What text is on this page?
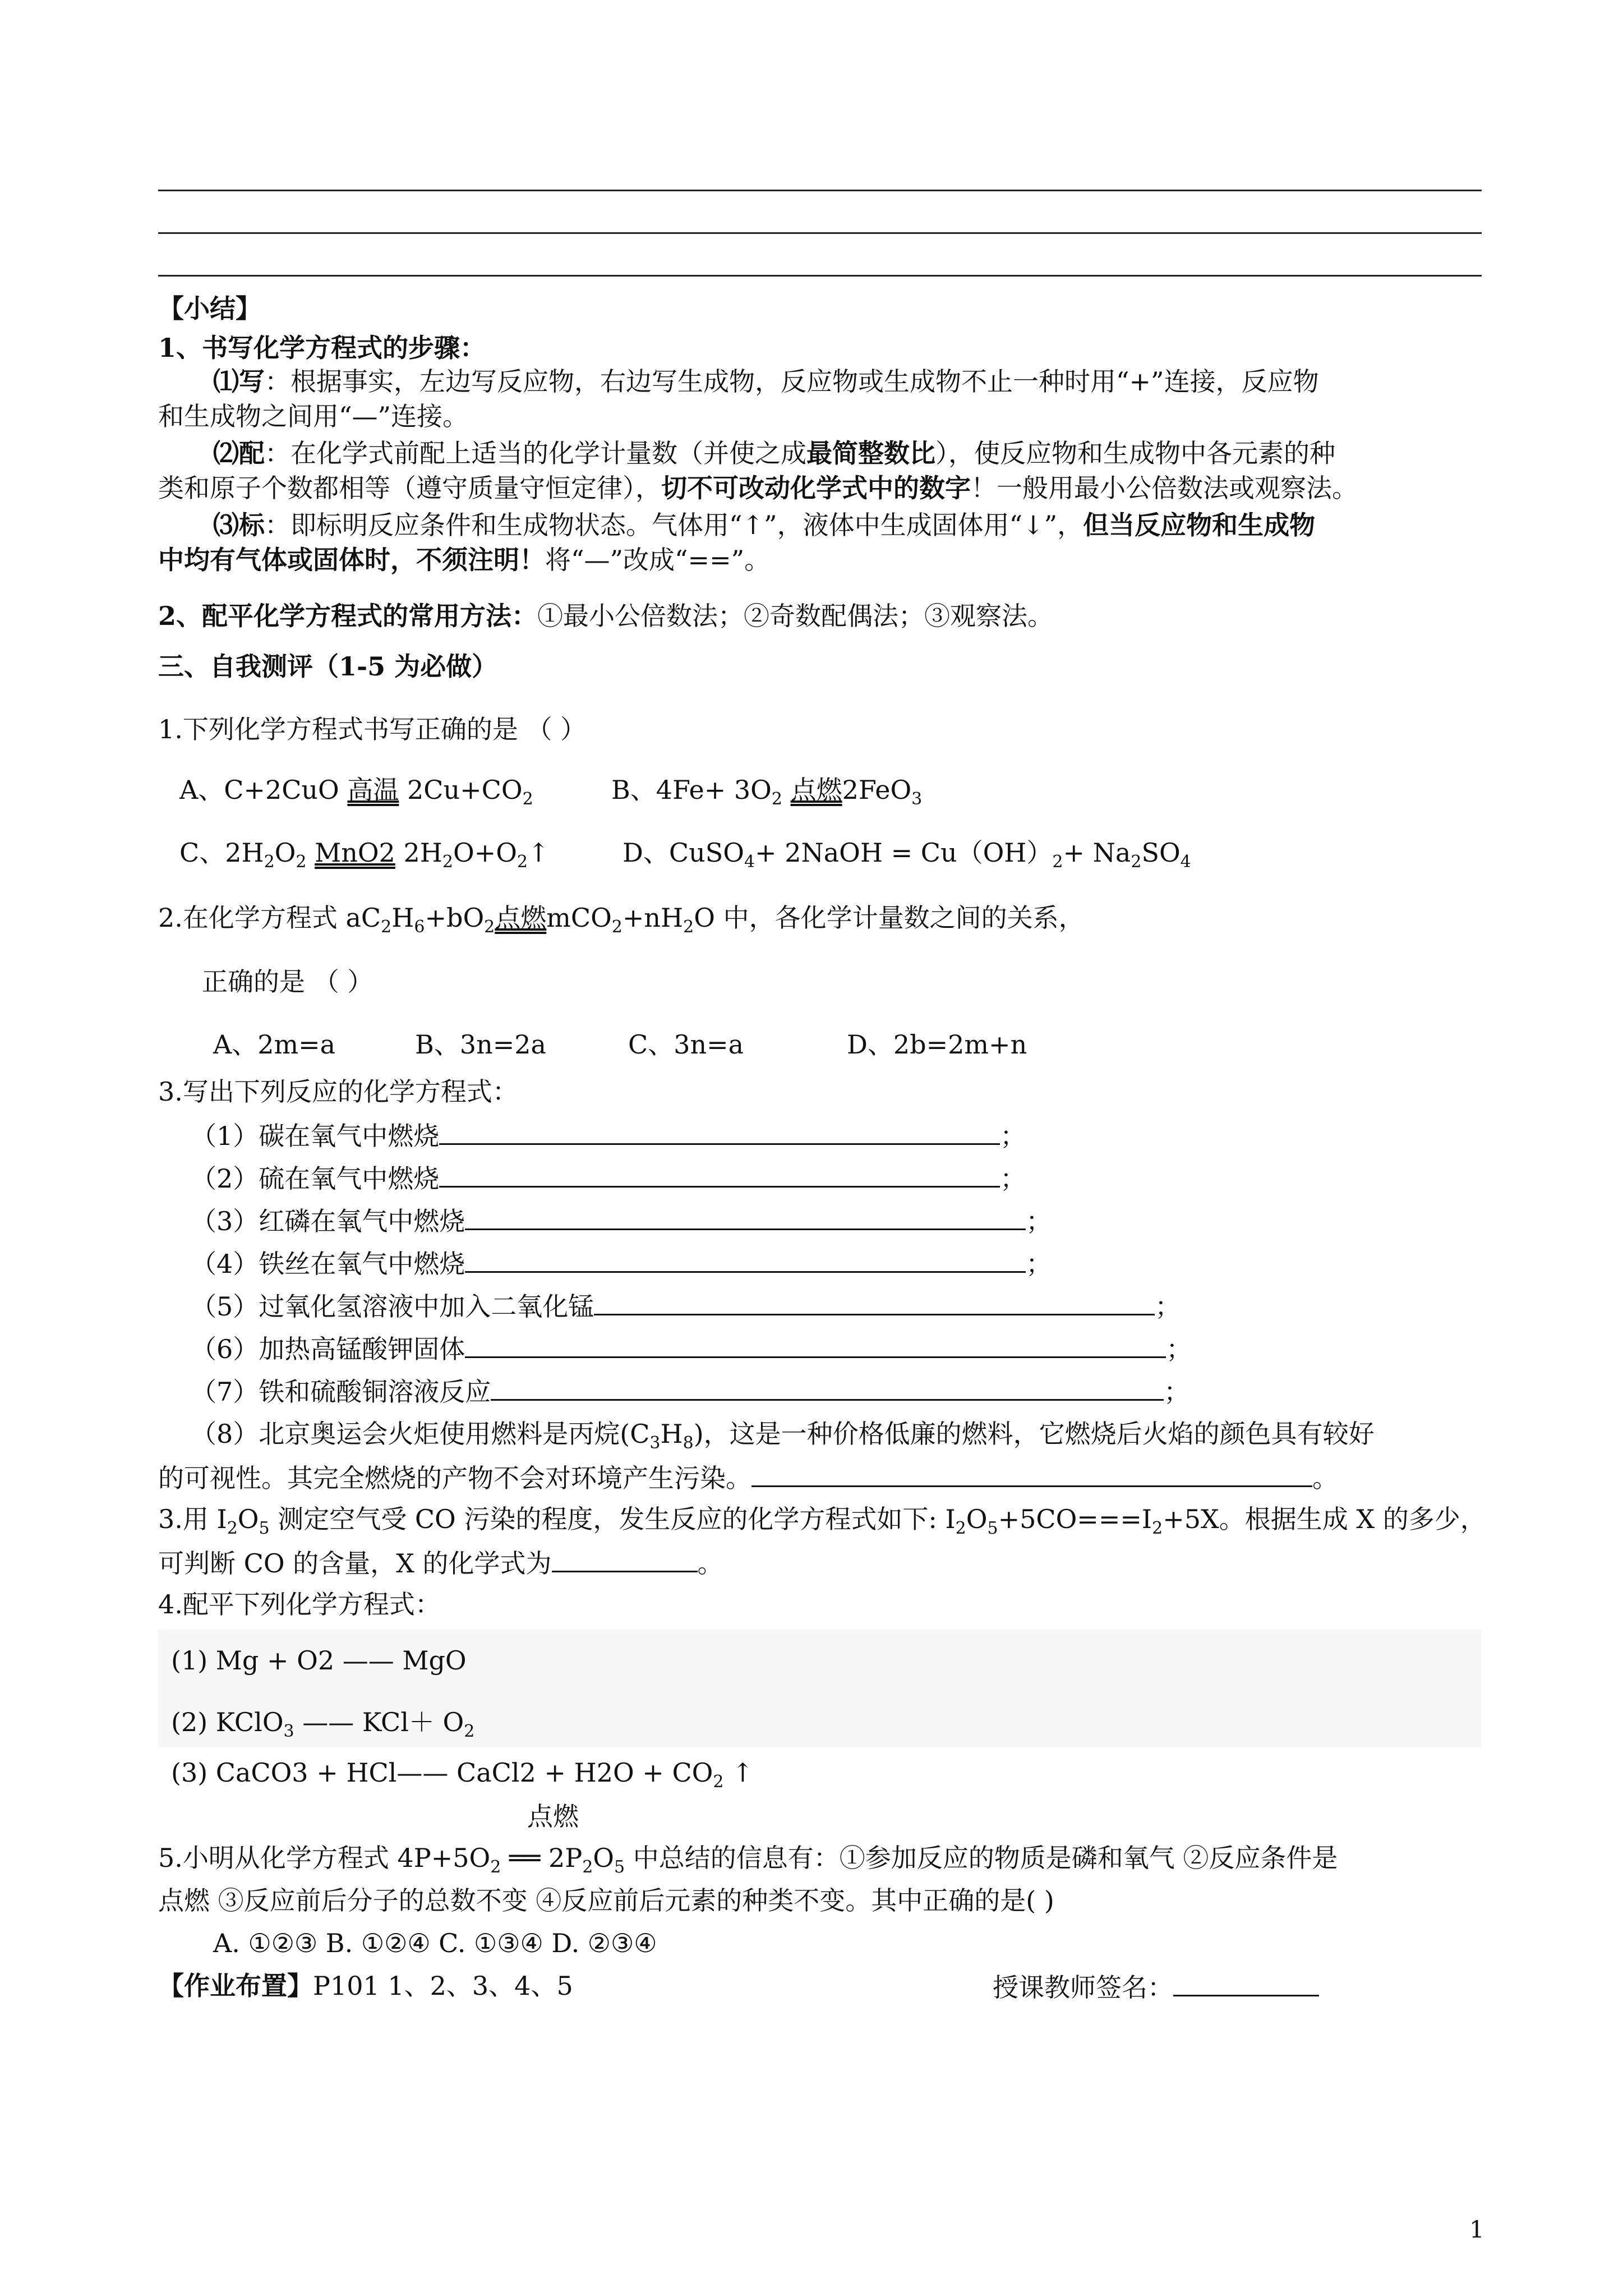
【小结】
1、书写化学方程式的步骤：
⑴写：根据事实，左边写反应物，右边写生成物，反应物或生成物不止一种时用“+”连接，反应物
和生成物之间用“—”连接。
⑵配：在化学式前配上适当的化学计量数（并使之成最简整数比），使反应物和生成物中各元素的种
类和原子个数都相等（遵守质量守恒定律），切不可改动化学式中的数字！一般用最小公倍数法或观察法。
⑶标：即标明反应条件和生成物状态。气体用“↑”，液体中生成固体用“↓”，但当反应物和生成物
中均有气体或固体时，不须注明！将“—”改成“==”。
2、配平化学方程式的常用方法：①最小公倍数法；②奇数配偶法；③观察法。
三、自我测评（1-5 为必做）
1.下列化学方程式书写正确的是 （ ）
A、C+2CuO 高温 $2Cu+CO_2$	B、$4Fe+ 3O_2$ 点燃2FeO$_3$
C、$2H_2O_2$ MnO2 $2H_2O+O_2↑$	D、CuSO$_4$+ 2NaOH = $Cu(OH)_2+ Na_2SO_4$
2.在化学方程式 $aC_2H_6+bO_2$点燃$mCO_2+nH_2O$ 中，各化学计量数之间的关系，
正确的是 （ ）
A、2m=a	B、3n=2a	C、3n=a	D、2b=2m+n
3.写出下列反应的化学方程式：
（1）碳在氧气中燃烧	；
（2）硫在氧气中燃烧	；
（3）红磷在氧气中燃烧	；
（4）铁丝在氧气中燃烧	；
（5）过氧化氢溶液中加入二氧化锰	；
（6）加热高锰酸钾固体	；
（7）铁和硫酸铜溶液反应	；
（8）北京奥运会火炬使用燃料是丙烷$(C_3H_8)$，这是一种价格低廉的燃料，它燃烧后火焰的颜色具有较好
的可视性。其完全燃烧的产物不会对环境产生污染。	。
3.用 $I_2O_5$ 测定空气受 CO 污染的程度，发生反应的化学方程式如下: $I_2O_5+5CO===I_2+5X$。根据生成 X 的多少，
可判断 CO 的含量，X 的化学式为	。
4.配平下列化学方程式：
(1) Mg + O2 —— MgO
(2) KClO$_3$ —— $KCl+ O_2$
(3) CaCO3 + HCl—— CaCl2 + $H2O + CO_2$ ↑
点燃
5.小明从化学方程式 $4P+5O_2$ ══ $2P_2O_5$ 中总结的信息有：①参加反应的物质是磷和氧气 ②反应条件是
点燃 ③反应前后分子的总数不变 ④反应前后元素的种类不变。其中正确的是( )
A. ①②③ B. ①②④ C. ①③④ D. ②③④
【作业布置】P101 1、2、3、4、5	授课教师签名：
1
